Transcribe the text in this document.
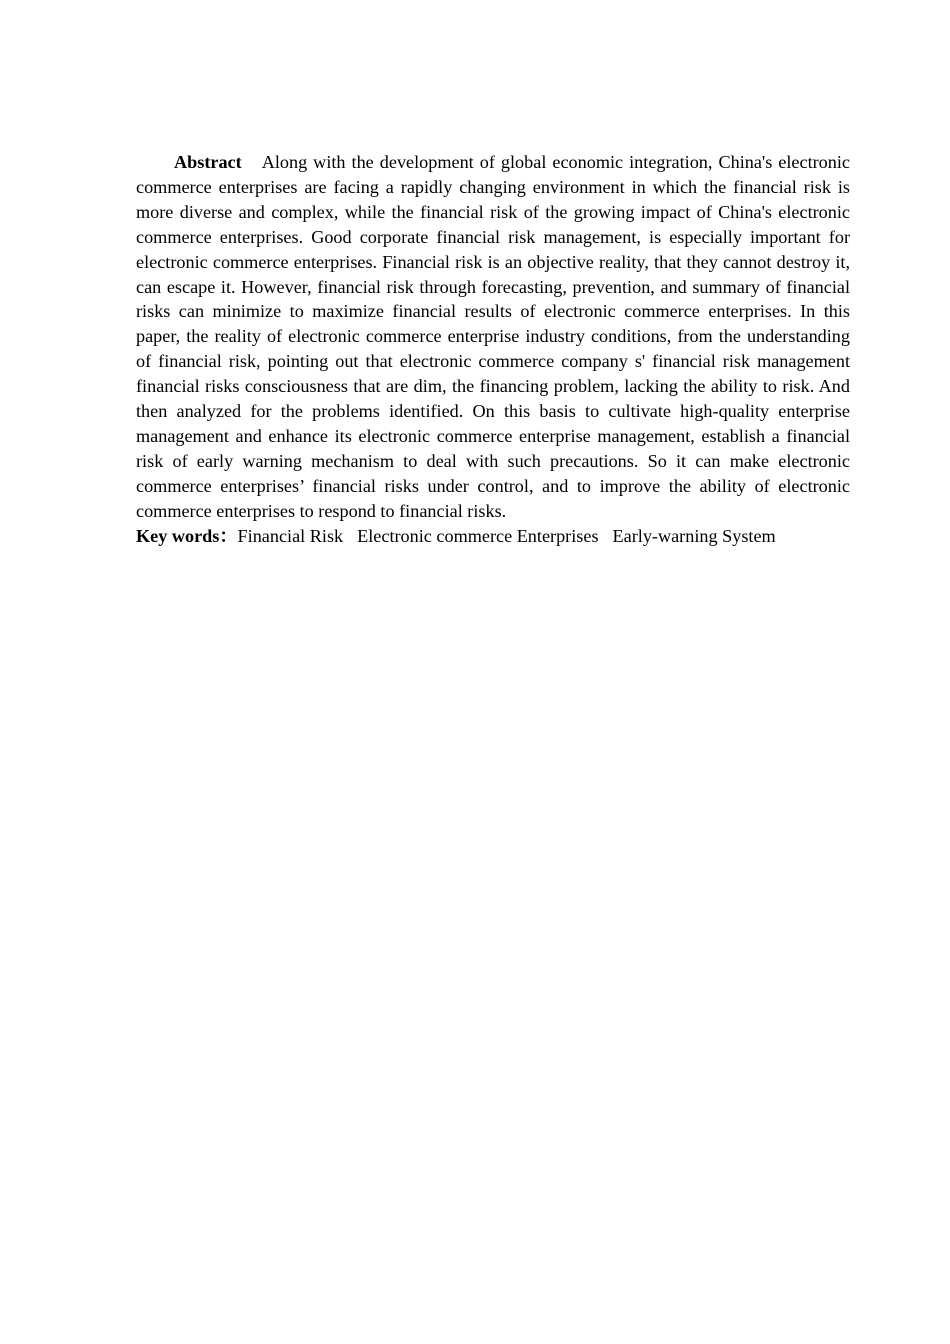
Abstract Along with the development of global economic integration, China's electronic commerce enterprises are facing a rapidly changing environment in which the financial risk is more diverse and complex, while the financial risk of the growing impact of China's electronic commerce enterprises. Good corporate financial risk management, is especially important for electronic commerce enterprises. Financial risk is an objective reality, that they cannot destroy it, can escape it. However, financial risk through forecasting, prevention, and summary of financial risks can minimize to maximize financial results of electronic commerce enterprises. In this paper, the reality of electronic commerce enterprise industry conditions, from the understanding of financial risk, pointing out that electronic commerce company s' financial risk management financial risks consciousness that are dim, the financing problem, lacking the ability to risk. And then analyzed for the problems identified. On this basis to cultivate high-quality enterprise management and enhance its electronic commerce enterprise management, establish a financial risk of early warning mechanism to deal with such precautions. So it can make electronic commerce enterprises’ financial risks under control, and to improve the ability of electronic commerce enterprises to respond to financial risks.

Key words：Financial Risk Electronic commerce Enterprises Early-warning System
